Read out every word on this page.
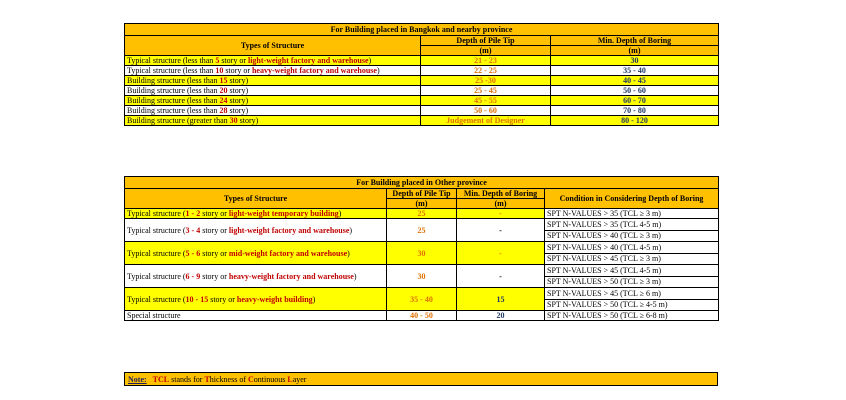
For Building placed in Bangkok and nearby province		
Types of Structure	Depth of Pile Tip	Min. Depth of Boring
	(m)	(m)
Typical structure (less than 5 story or light-weight factory and warehouse)	21 - 23	30
Typical structure (less than 10 story or heavy-weight factory and warehouse)	22 - 25	35 - 40
Building structure (less than 15 story)	25 -30	40 - 45
Building structure (less than 20 story)	25 - 45	50 - 60
Building structure (less than 24 story)	45 - 55	60 - 70
Building structure (less than 28 story)	50 - 60	70 - 80
Building structure (greater than 30 story)	Judgement of Designer	80 - 120
For Building placed in Other province			
Types of Structure	Depth of Pile Tip	Min. Depth of Boring	Condition in Considering Depth of Boring
	(m)	(m)	
Typical structure (1 - 2 story or light-weight temporary building)	25	-	SPT N-VALUES > 35 (TCL ≥ 3 m)
Typical structure (3 - 4 story or light-weight factory and warehouse)	25	-	SPT N-VALUES > 35 (TCL 4-5 m)
			SPT N-VALUES > 40 (TCL ≥ 3 m)
Typical structure (5 - 6 story or mid-weight factory and warehouse)	30	-	SPT N-VALUES > 40 (TCL 4-5 m)
			SPT N-VALUES > 45 (TCL ≥ 3 m)
Typical structure (6 - 9 story or heavy-weight factory and warehouse)	30	-	SPT N-VALUES > 45 (TCL 4-5 m)
			SPT N-VALUES > 50 (TCL ≥ 3 m)
Typical structure (10 - 15 story or heavy-weight building)	35 - 40	15	SPT N-VALUES > 45 (TCL ≥ 6 m)
			SPT N-VALUES > 50 (TCL ≥ 4-5 m)
Special structure	40 - 50	20	SPT N-VALUES > 50 (TCL ≥ 6-8 m)
Note: TCL stands for Thickness of Continuous Layer
